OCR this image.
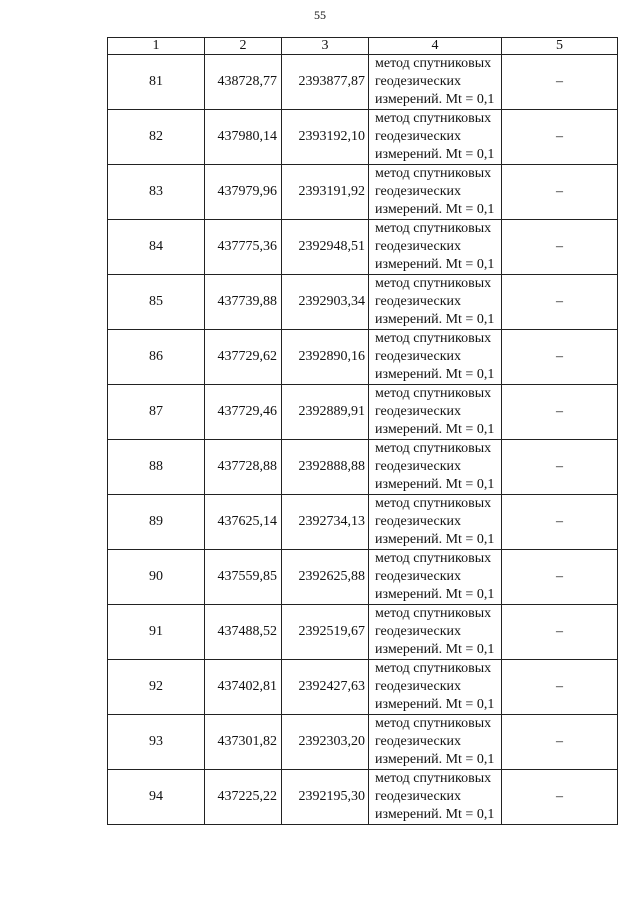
55
1	2	3	4	5
81	438728,77	2393877,87	метод спутниковых
геодезических
измерений. Mt = 0,1	–
82	437980,14	2393192,10	метод спутниковых
геодезических
измерений. Mt = 0,1	–
83	437979,96	2393191,92	метод спутниковых
геодезических
измерений. Mt = 0,1	–
84	437775,36	2392948,51	метод спутниковых
геодезических
измерений. Mt = 0,1	–
85	437739,88	2392903,34	метод спутниковых
геодезических
измерений. Mt = 0,1	–
86	437729,62	2392890,16	метод спутниковых
геодезических
измерений. Mt = 0,1	–
87	437729,46	2392889,91	метод спутниковых
геодезических
измерений. Mt = 0,1	–
88	437728,88	2392888,88	метод спутниковых
геодезических
измерений. Mt = 0,1	–
89	437625,14	2392734,13	метод спутниковых
геодезических
измерений. Mt = 0,1	–
90	437559,85	2392625,88	метод спутниковых
геодезических
измерений. Mt = 0,1	–
91	437488,52	2392519,67	метод спутниковых
геодезических
измерений. Mt = 0,1	–
92	437402,81	2392427,63	метод спутниковых
геодезических
измерений. Mt = 0,1	–
93	437301,82	2392303,20	метод спутниковых
геодезических
измерений. Mt = 0,1	–
94	437225,22	2392195,30	метод спутниковых
геодезических
измерений. Mt = 0,1	–
